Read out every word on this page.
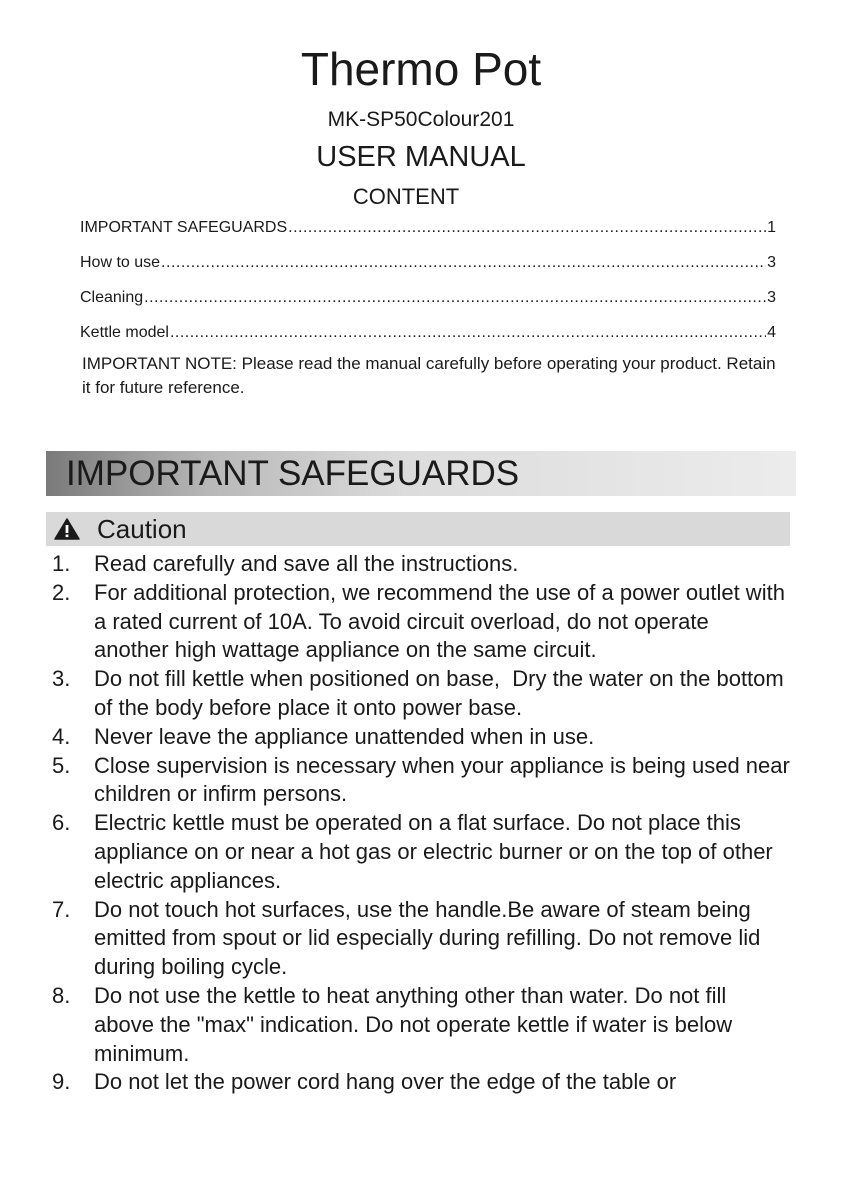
Thermo Pot
MK-SP50Colour201
USER MANUAL
CONTENT
IMPORTANT SAFEGUARDS .....	1
How to use .....	3
Cleaning .....	3
Kettle model .....	4

IMPORTANT NOTE: Please read the manual carefully before operating your product. Retain it for future reference.

IMPORTANT SAFEGUARDS
Caution
1.	Read carefully and save all the instructions.
2.	For additional protection, we recommend the use of a power outlet with a rated current of 10A. To avoid circuit overload, do not operate  another high wattage appliance on the same circuit.
3.	Do not fill kettle when positioned on base,  Dry the water on the bottom of the body before place it onto power base.
4.	Never leave the appliance unattended when in use.
5.	Close supervision is necessary when your appliance is being used near children or infirm persons.
6.	Electric kettle must be operated on a flat surface. Do not place this appliance on or near a hot gas or electric burner or on the top of other electric appliances.
7.	Do not touch hot surfaces, use the handle.Be aware of steam being emitted from spout or lid especially during refilling. Do not remove lid during boiling cycle.
8.	Do not use the kettle to heat anything other than water. Do not fill above the "max" indication. Do not operate kettle if water is below minimum.
9.	Do not let the power cord hang over the edge of the table or
